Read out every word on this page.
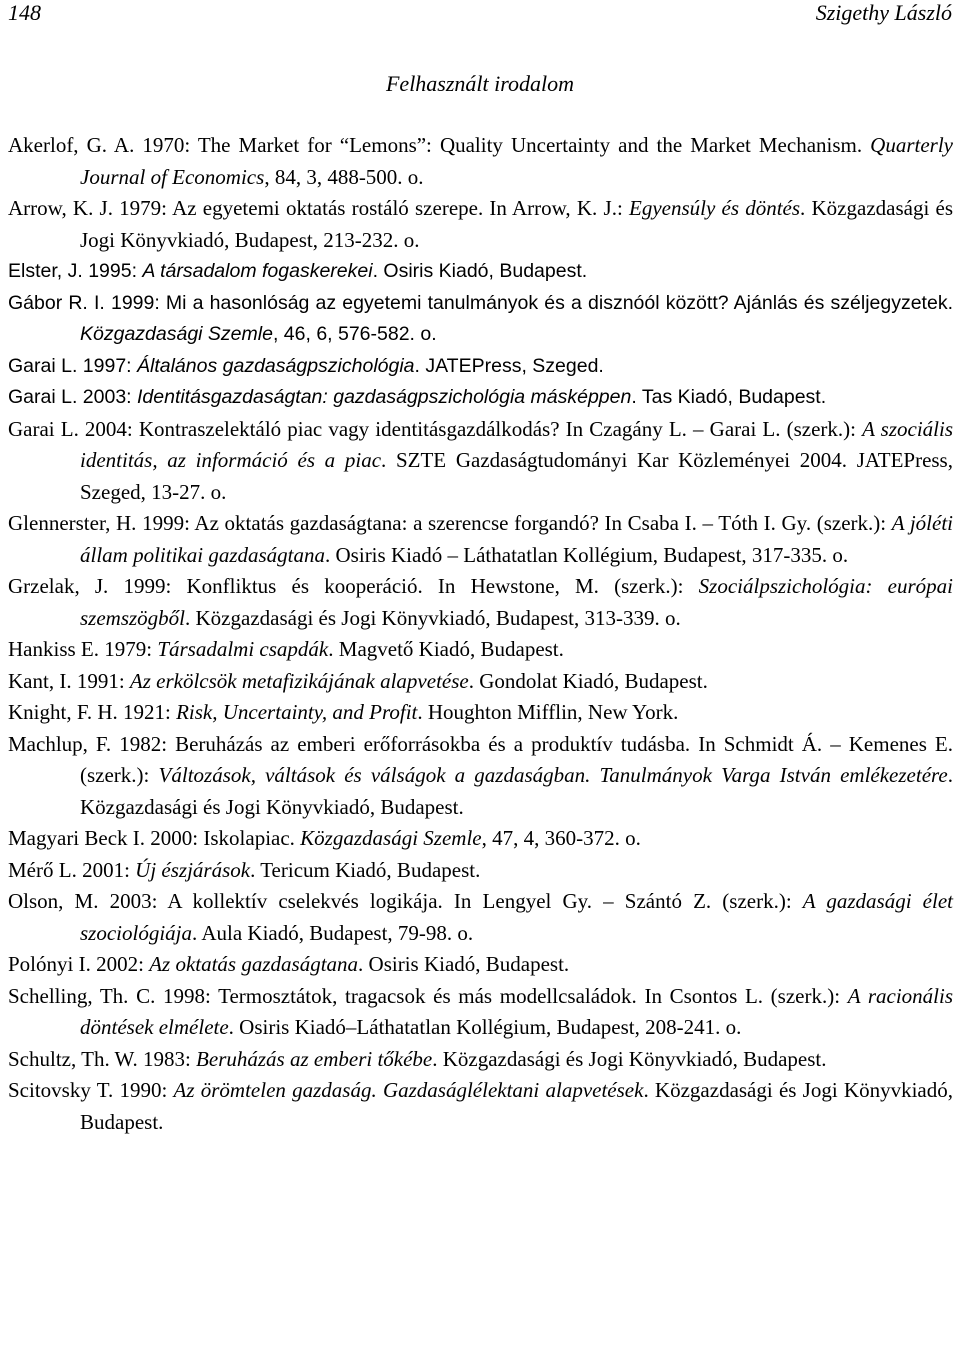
148	Szigethy László
Felhasznált irodalom

Akerlof, G. A. 1970: The Market for “Lemons”: Quality Uncertainty and the Market Mechanism. Quarterly Journal of Economics, 84, 3, 488-500. o.

Arrow, K. J. 1979: Az egyetemi oktatás rostáló szerepe. In Arrow, K. J.: Egyensúly és döntés. Közgazdasági és Jogi Könyvkiadó, Budapest, 213-232. o.

Elster, J. 1995: A társadalom fogaskerekei. Osiris Kiadó, Budapest.

Gábor R. I. 1999: Mi a hasonlóság az egyetemi tanulmányok és a disznóól között? Ajánlás és széljegyzetek. Közgazdasági Szemle, 46, 6, 576-582. o.

Garai L. 1997: Általános gazdaságpszichológia. JATEPress, Szeged.

Garai L. 2003: Identitásgazdaságtan: gazdaságpszichológia másképpen. Tas Kiadó, Budapest.

Garai L. 2004: Kontraszelektáló piac vagy identitásgazdálkodás? In Czagány L. – Garai L. (szerk.): A szociális identitás, az információ és a piac. SZTE Gazdaságtudományi Kar Közleményei 2004. JATEPress, Szeged, 13-27. o.

Glennerster, H. 1999: Az oktatás gazdaságtana: a szerencse forgandó? In Csaba I. – Tóth I. Gy. (szerk.): A jóléti állam politikai gazdaságtana. Osiris Kiadó – Láthatatlan Kollégium, Budapest, 317-335. o.

Grzelak, J. 1999: Konfliktus és kooperáció. In Hewstone, M. (szerk.): Szociálpszichológia: európai szemszögből. Közgazdasági és Jogi Könyvkiadó, Budapest, 313-339. o.

Hankiss E. 1979: Társadalmi csapdák. Magvető Kiadó, Budapest.

Kant, I. 1991: Az erkölcsök metafizikájának alapvetése. Gondolat Kiadó, Budapest.

Knight, F. H. 1921: Risk, Uncertainty, and Profit. Houghton Mifflin, New York.

Machlup, F. 1982: Beruházás az emberi erőforrásokba és a produktív tudásba. In Schmidt Á. – Kemenes E. (szerk.): Változások, váltások és válságok a gazdaságban. Tanulmányok Varga István emlékezetére. Közgazdasági és Jogi Könyvkiadó, Budapest.

Magyari Beck I. 2000: Iskolapiac. Közgazdasági Szemle, 47, 4, 360-372. o.

Mérő L. 2001: Új észjárások. Tericum Kiadó, Budapest.

Olson, M. 2003: A kollektív cselekvés logikája. In Lengyel Gy. – Szántó Z. (szerk.): A gazdasági élet szociológiája. Aula Kiadó, Budapest, 79-98. o.

Polónyi I. 2002: Az oktatás gazdaságtana. Osiris Kiadó, Budapest.

Schelling, Th. C. 1998: Termosztátok, tragacsok és más modellcsaládok. In Csontos L. (szerk.): A racionális döntések elmélete. Osiris Kiadó–Láthatatlan Kollégium, Budapest, 208-241. o.

Schultz, Th. W. 1983: Beruházás az emberi tőkébe. Közgazdasági és Jogi Könyvkiadó, Budapest.

Scitovsky T. 1990: Az örömtelen gazdaság. Gazdaságlélektani alapvetések. Közgazdasági és Jogi Könyvkiadó, Budapest.
